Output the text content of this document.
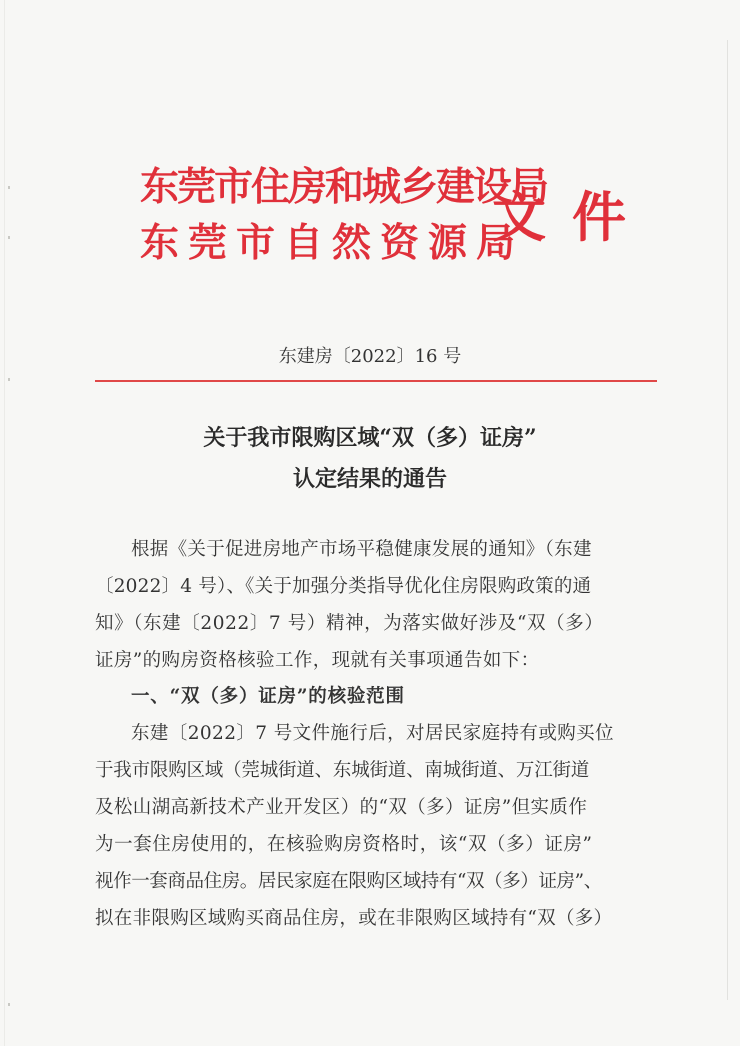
东莞市住房和城乡建设局
东莞市自然资源局
文件
东建房〔2022〕16 号
关于我市限购区域“双（多）证房”
认定结果的通告
根据《关于促进房地产市场平稳健康发展的通知》（东建
〔2022〕4 号）、《关于加强分类指导优化住房限购政策的通
知》（东建〔2022〕7 号）精神，为落实做好涉及“双（多）
证房”的购房资格核验工作，现就有关事项通告如下：
一、“双（多）证房”的核验范围
东建〔2022〕7 号文件施行后，对居民家庭持有或购买位
于我市限购区域（莞城街道、东城街道、南城街道、万江街道
及松山湖高新技术产业开发区）的“双（多）证房”但实质作
为一套住房使用的，在核验购房资格时，该“双（多）证房”
视作一套商品住房。居民家庭在限购区域持有“双（多）证房”、
拟在非限购区域购买商品住房，或在非限购区域持有“双（多）
